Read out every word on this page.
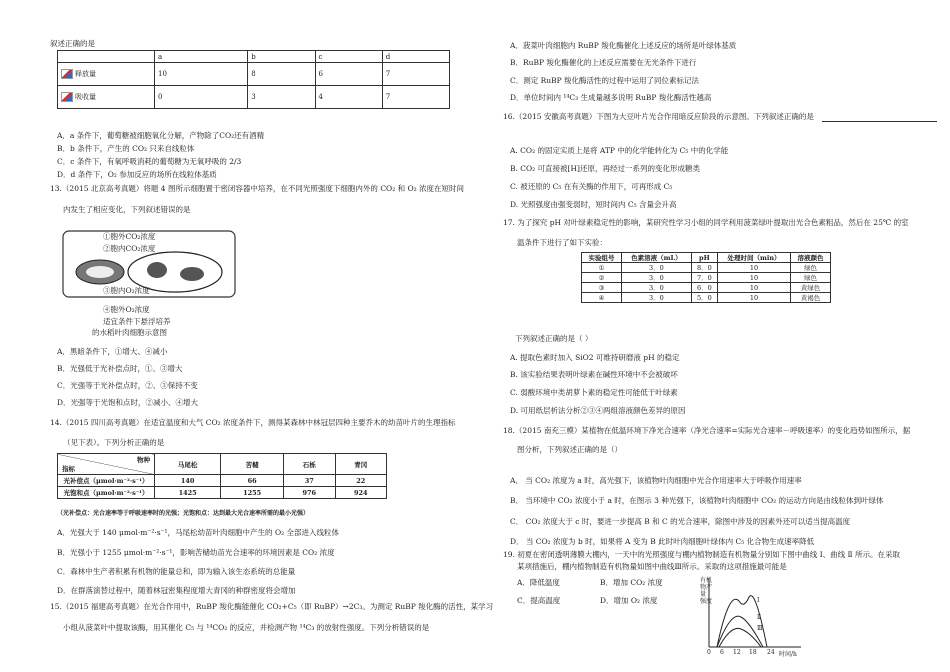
叙述正确的是
	a	b	c	d
释放量	10	8	6	7
吸收量	0	3	4	7
A．a 条件下，葡萄糖被细胞氧化分解，产物除了CO₂还有酒精
B．b 条件下，产生的 CO₂ 只来自线粒体
C．c 条件下，有氧呼吸消耗的葡萄糖为无氧呼吸的 2/3
D．d 条件下，O₂ 参加反应的场所在线粒体基质
13.（2015 北京高考真题）将题 4 图所示细胞置于密闭容器中培养，在不同光照强度下细胞内外的 CO₂ 和 O₂ 浓度在短时间
内发生了相应变化，下列叙述错误的是
①胞外CO₂浓度
②胞内CO₂浓度
③胞内O₂浓度
④胞外O₂浓度
适宜条件下悬浮培养
的水稻叶肉细胞示意图
A．黑暗条件下，①增大、④减小
B．光强低于光补偿点时，①、③增大
C．光强等于光补偿点时，②、③保持不变
D．光强等于光饱和点时，②减小、④增大
14.（2015 四川高考真题）在适宜温度和大气 CO₂ 浓度条件下，测得某森林中林冠层四种主要乔木的幼苗叶片的生理指标
（见下表）。下列分析正确的是
物种
指标	马尾松	苦槠	石栎	青冈
光补偿点（μmol·m⁻²·s⁻¹）	140	66	37	22
光饱和点（μmol·m⁻²·s⁻¹）	1425	1255	976	924
（光补偿点：光合速率等于呼吸速率时的光强；光饱和点：达到最大光合速率所需的最小光强）
A．光强大于 140 μmol·m⁻²·s⁻¹，马尾松幼苗叶肉细胞中产生的 O₂ 全部进入线粒体
B．光强小于 1255 μmol·m⁻²·s⁻¹，影响苦槠幼苗光合速率的环境因素是 CO₂ 浓度
C．森林中生产者积累有机物的能量总和，即为输入该生态系统的总能量
D．在群落演替过程中，随着林冠密集程度增大青冈的种群密度将会增加
15.（2015 福建高考真题）在光合作用中，RuBP 羧化酶能催化 CO₂+C₅（即 RuBP）→2C₃。为测定 RuBP 羧化酶的活性，某学习
小组从菠菜叶中提取该酶，用其催化 C₅ 与 ¹⁴CO₂ 的反应，并检测产物 ¹⁴C₃ 的放射性强度。下列分析错误的是
A．菠菜叶肉细胞内 RuBP 羧化酶催化上述反应的场所是叶绿体基质
B．RuBP 羧化酶催化的上述反应需要在无光条件下进行
C．测定 RuBP 羧化酶活性的过程中运用了同位素标记法
D．单位时间内 ¹⁴C₃ 生成量越多说明 RuBP 羧化酶活性越高
16.（2015 安徽高考真题）下图为大豆叶片光合作用暗反应阶段的示意图。下列叙述正确的是
A. CO₂ 的固定实质上是将 ATP 中的化学能转化为 C₅ 中的化学能
B. CO₂ 可直接被[H]还原，再经过一系列的变化形成糖类
C. 被还原的 C₅ 在有关酶的作用下，可再形成 C₅
D. 光照强度由强变弱时，短时间内 C₅ 含量会升高
17. 为了探究 pH 对叶绿素稳定性的影响，某研究性学习小组的同学利用菠菜绿叶提取出光合色素粗品，然后在 25℃ 的室
温条件下进行了如下实验：
实验组号	色素溶液（mL）	pH	处理时间（min）	溶液颜色
①	3．0	8．0	10	绿色
②	3．0	7．0	10	绿色
③	3．0	6．0	10	黄绿色
④	3．0	5．0	10	黄褐色
下列叙述正确的是（ ）
A. 提取色素时加入 SiO2 可维持研磨液 pH 的稳定
B. 该实验结果表明叶绿素在碱性环境中不会被破坏
C. 弱酸环境中类胡萝卜素的稳定性可能低于叶绿素
D. 可用纸层析法分析②③④两组溶液颜色差异的原因
18.（2015 南充三模）某植物在低温环境下净光合速率（净光合速率=实际光合速率－呼吸速率）的变化趋势如图所示，据
图分析，下列叙述正确的是（）
A． 当 CO₂ 浓度为 a 时，高光强下，该植物叶肉细胞中光合作用速率大于呼吸作用速率
B． 当环境中 CO₂ 浓度小于 a 时，在图示 3 种光强下，该植物叶肉细胞中 CO₂ 的运动方向是由线粒体到叶绿体
C． CO₂ 浓度大于 c 时，要进一步提高 B 和 C 的光合速率，除图中涉及的因素外还可以适当提高温度
D． 当 CO₂ 浓度为 b 时，如果将 A 变为 B 此时叶肉细胞叶绿体内 C₅ 化合物生成速率降低
19. 初夏在密闭透明薄膜大棚内，一天中的光照强度与棚内植物制造有机物量分别如下图中曲线 Ⅰ、曲线 Ⅱ 所示。在采取
某项措施后，棚内植物制造有机物量如图中曲线Ⅲ所示。采取的这项措施最可能是
A．降低温度	B．增加 CO₂ 浓度
C．提高温度	D．增加 O₂ 浓度
有机
物产
量
强度	Ⅰ
Ⅱ
Ⅲ
0 6 12 18 24 时间/h
